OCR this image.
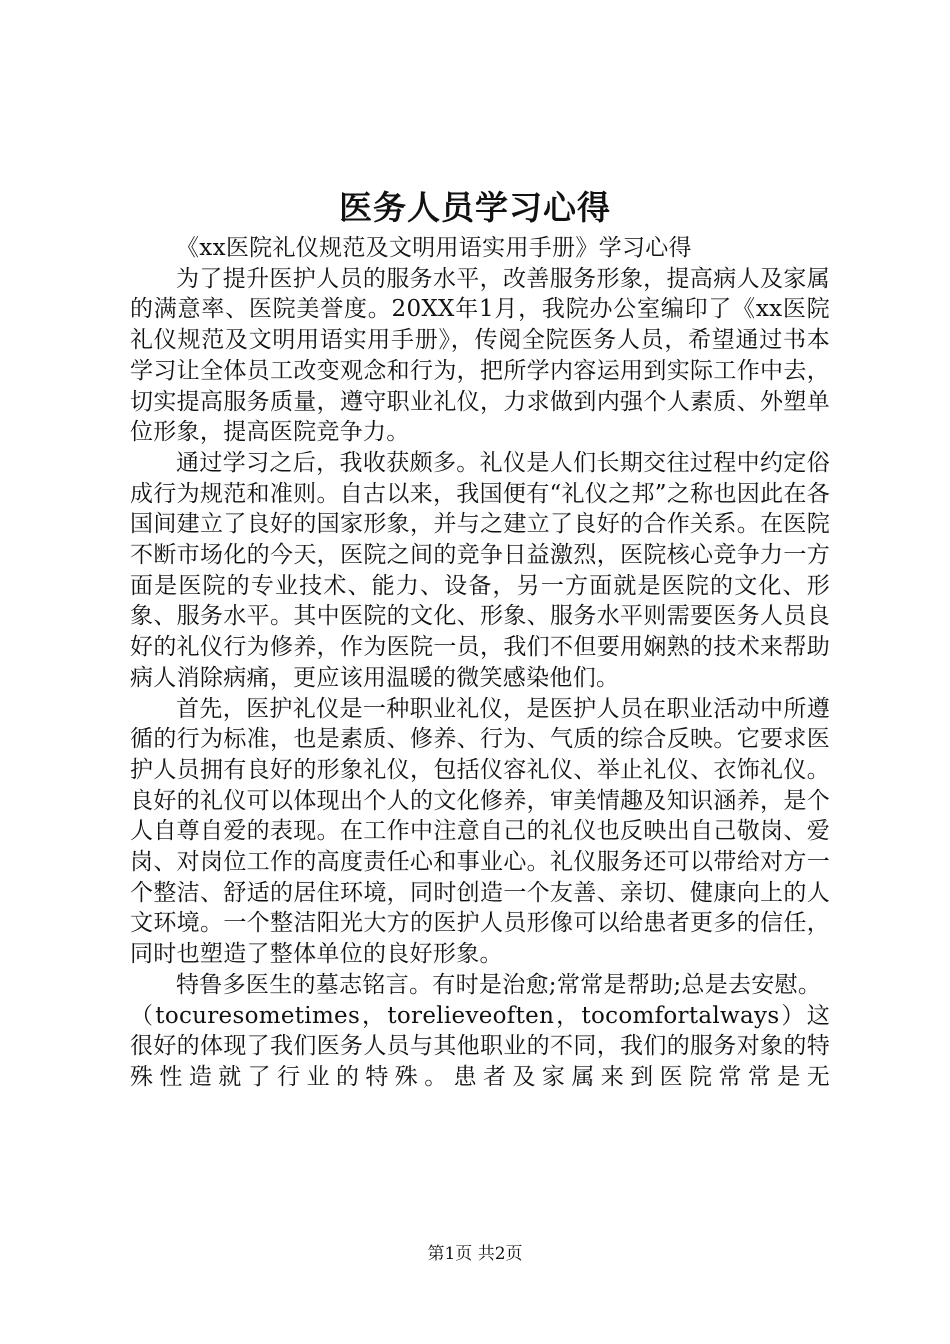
医务人员学习心得

《xx医院礼仪规范及文明用语实用手册》学习心得

为了提升医护人员的服务水平，改善服务形象，提高病人及家属的满意率、医院美誉度。20XX年1月，我院办公室编印了《xx医院礼仪规范及文明用语实用手册》，传阅全院医务人员，希望通过书本学习让全体员工改变观念和行为，把所学内容运用到实际工作中去，切实提高服务质量，遵守职业礼仪，力求做到内强个人素质、外塑单位形象，提高医院竞争力。

通过学习之后，我收获颇多。礼仪是人们长期交往过程中约定俗成行为规范和准则。自古以来，我国便有“礼仪之邦”之称也因此在各国间建立了良好的国家形象，并与之建立了良好的合作关系。在医院不断市场化的今天，医院之间的竞争日益激烈，医院核心竞争力一方面是医院的专业技术、能力、设备，另一方面就是医院的文化、形象、服务水平。其中医院的文化、形象、服务水平则需要医务人员良好的礼仪行为修养，作为医院一员，我们不但要用娴熟的技术来帮助病人消除病痛，更应该用温暖的微笑感染他们。

首先，医护礼仪是一种职业礼仪，是医护人员在职业活动中所遵循的行为标准，也是素质、修养、行为、气质的综合反映。它要求医护人员拥有良好的形象礼仪，包括仪容礼仪、举止礼仪、衣饰礼仪。良好的礼仪可以体现出个人的文化修养，审美情趣及知识涵养，是个人自尊自爱的表现。在工作中注意自己的礼仪也反映出自己敬岗、爱岗、对岗位工作的高度责任心和事业心。礼仪服务还可以带给对方一个整洁、舒适的居住环境，同时创造一个友善、亲切、健康向上的人文环境。一个整洁阳光大方的医护人员形像可以给患者更多的信任，同时也塑造了整体单位的良好形象。

特鲁多医生的墓志铭言。有时是治愈;常常是帮助;总是去安慰。

（tocuresometimes，torelieveoften，tocomfortalways）这很好的体现了我们医务人员与其他职业的不同，我们的服务对象的特殊性造就了行业的特殊。患者及家属来到医院常常是无

第1页 共2页
